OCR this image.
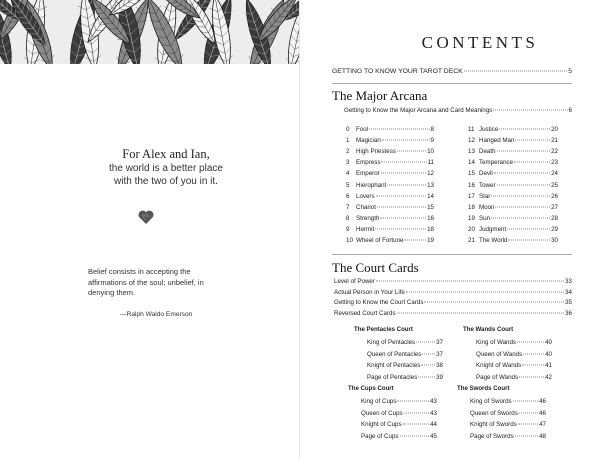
For Alex and Ian,
the world is a better place
with the two of you in it.
Belief consists in accepting the affirmations of the soul; unbelief, in denying them.
—Ralph Waldo Emerson
CONTENTS
GETTING TO KNOW YOUR TAROT DECK	5
The Major Arcana
Getting to Know the Major Arcana and Card Meanings	6
The Court Cards
0	Fool	8
1	Magician	9
2	High Priestess	10
3	Empress	11
4	Emperor	12
5	Hierophant	13
6	Lovers	14
7	Chariot	15
8	Strength	16
9	Hermit	18
10 Wheel of Fortune	19
11 Justice	20
12 Hanged Man	21
13 Death	22
14 Temperance	23
15 Devil	24
16 Tower	25
17 Star	26
18 Moon	27
19 Sun	28
20 Judgment	29
21 The World	30
Level of Power	33
Actual Person in Your Life	34
Getting to Know the Court Cards	35
Reversed Court Cards	36
The Pentacles Court
King of Pentacles	37
Queen of Pentacles 37
Knight of Pentacles	38
Page of Pentacles	39
The Wands Court
King of Wands	40
Queen of Wands	40
Knight of Wands	41
Page of Wands	42
The Cups Court
King of Cups	43
Queen of Cups	43
Knight of Cups	44
Page of Cups	45
The Swords Court
King of Swords	46
Queen of Swords	46
Knight of Swords	47
Page of Swords	48
